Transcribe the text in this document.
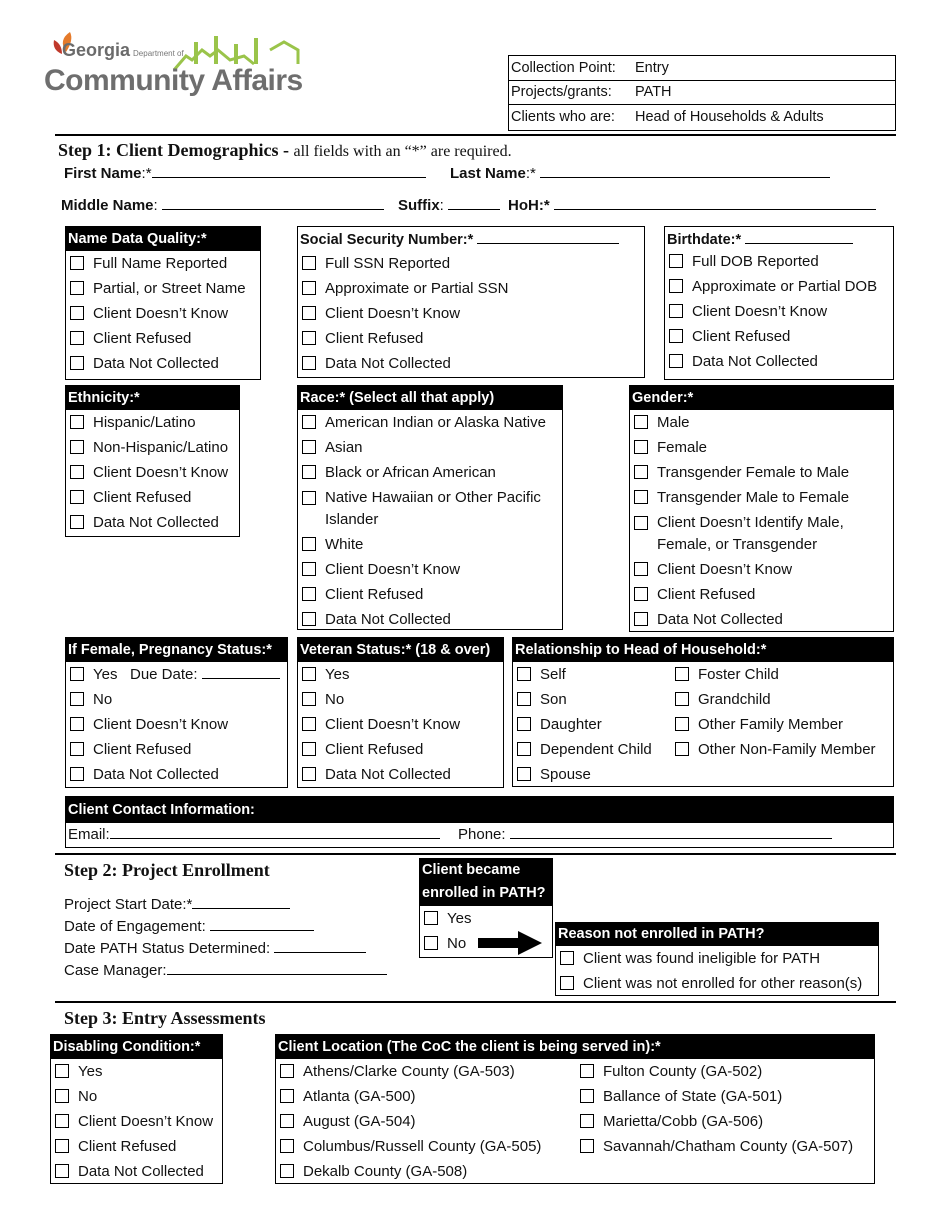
Georgia Department of
Community Affairs	Collection Point:	Entry
Projects/grants:	PATH
Clients who are:	Head of Households & Adults
Step 1: Client Demographics - all fields with an “*” are required.
First Name:*	Last Name:*
Middle Name:	Suffix:	HoH:*
Name Data Quality:*
Full Name Reported
Partial, or Street Name
Client Doesn’t Know
Client Refused
Data Not Collected
Social Security Number:*
Full SSN Reported
Approximate or Partial SSN
Client Doesn’t Know
Client Refused
Data Not Collected
Birthdate:*
Full DOB Reported
Approximate or Partial DOB
Client Doesn’t Know
Client Refused
Data Not Collected
Ethnicity:*
Hispanic/Latino
Non-Hispanic/Latino
Client Doesn’t Know
Client Refused
Data Not Collected
Race:* (Select all that apply)
American Indian or Alaska Native
Asian
Black or African American
Native Hawaiian or Other Pacific Islander
White
Client Doesn’t Know
Client Refused
Data Not Collected
Gender:*
Male
Female
Transgender Female to Male
Transgender Male to Female
Client Doesn’t Identify Male, Female, or Transgender
Client Doesn’t Know
Client Refused
Data Not Collected
If Female, Pregnancy Status:*
Yes Due Date:
No
Client Doesn’t Know
Client Refused
Data Not Collected
Veteran Status:* (18 & over)
Yes
No
Client Doesn’t Know
Client Refused
Data Not Collected
Relationship to Head of Household:*
Self
Son
Daughter
Dependent Child
Spouse
Foster Child
Grandchild
Other Family Member
Other Non-Family Member
Client Contact Information:
Email:	Phone:
Step 2: Project Enrollment
Project Start Date:*
Date of Engagement:
Date PATH Status Determined:
Case Manager:
Client became
enrolled in PATH?
Yes
No
Reason not enrolled in PATH?
Client was found ineligible for PATH
Client was not enrolled for other reason(s)
Step 3: Entry Assessments
Disabling Condition:*
Yes
No
Client Doesn’t Know
Client Refused
Data Not Collected
Client Location (The CoC the client is being served in):*
Athens/Clarke County (GA-503)
Atlanta (GA-500)
August (GA-504)
Columbus/Russell County (GA-505)
Dekalb County (GA-508)
Fulton County (GA-502)
Ballance of State (GA-501)
Marietta/Cobb (GA-506)
Savannah/Chatham County (GA-507)
